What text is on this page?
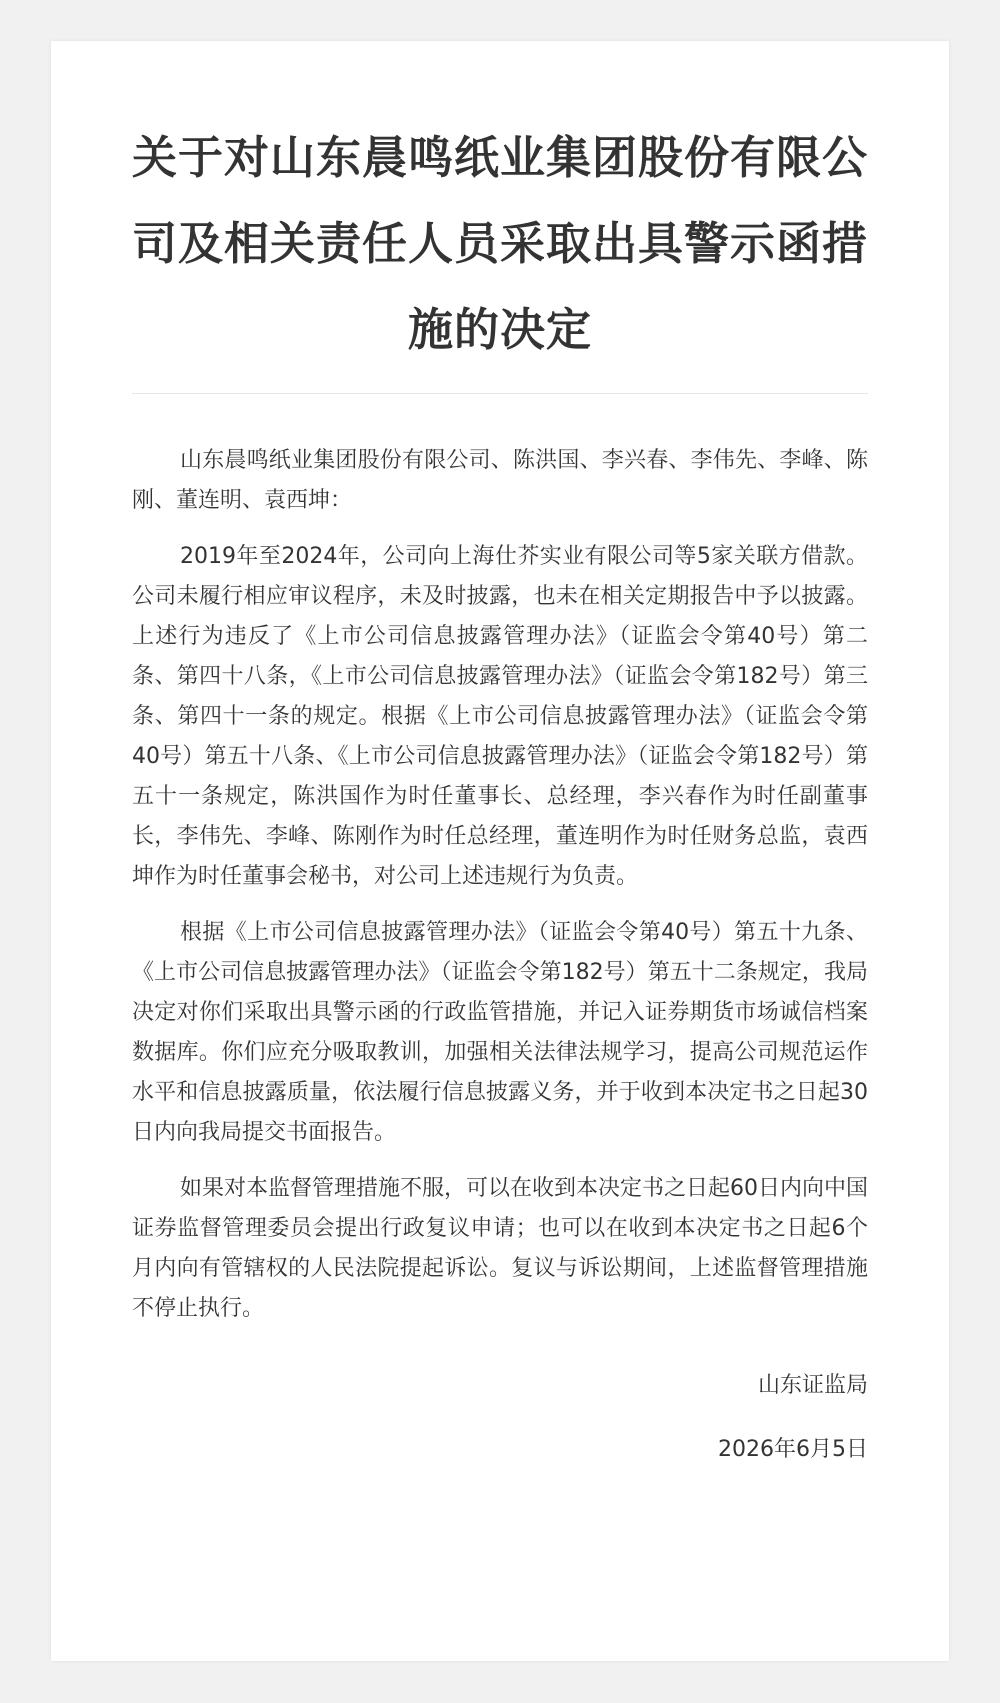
关于对山东晨鸣纸业集团股份有限公司及相关责任人员采取出具警示函措施的决定

山东晨鸣纸业集团股份有限公司、陈洪国、李兴春、李伟先、李峰、陈刚、董连明、袁西坤：

2019年至2024年，公司向上海仕芥实业有限公司等5家关联方借款。公司未履行相应审议程序，未及时披露，也未在相关定期报告中予以披露。上述行为违反了《上市公司信息披露管理办法》（证监会令第40号）第二条、第四十八条，《上市公司信息披露管理办法》（证监会令第182号）第三条、第四十一条的规定。根据《上市公司信息披露管理办法》（证监会令第40号）第五十八条、《上市公司信息披露管理办法》（证监会令第182号）第五十一条规定，陈洪国作为时任董事长、总经理，李兴春作为时任副董事长，李伟先、李峰、陈刚作为时任总经理，董连明作为时任财务总监，袁西坤作为时任董事会秘书，对公司上述违规行为负责。

根据《上市公司信息披露管理办法》（证监会令第40号）第五十九条、《上市公司信息披露管理办法》（证监会令第182号）第五十二条规定，我局决定对你们采取出具警示函的行政监管措施，并记入证券期货市场诚信档案数据库。你们应充分吸取教训，加强相关法律法规学习，提高公司规范运作水平和信息披露质量，依法履行信息披露义务，并于收到本决定书之日起30日内向我局提交书面报告。

如果对本监督管理措施不服，可以在收到本决定书之日起60日内向中国证券监督管理委员会提出行政复议申请；也可以在收到本决定书之日起6个月内向有管辖权的人民法院提起诉讼。复议与诉讼期间，上述监督管理措施不停止执行。

山东证监局
2026年6月5日
